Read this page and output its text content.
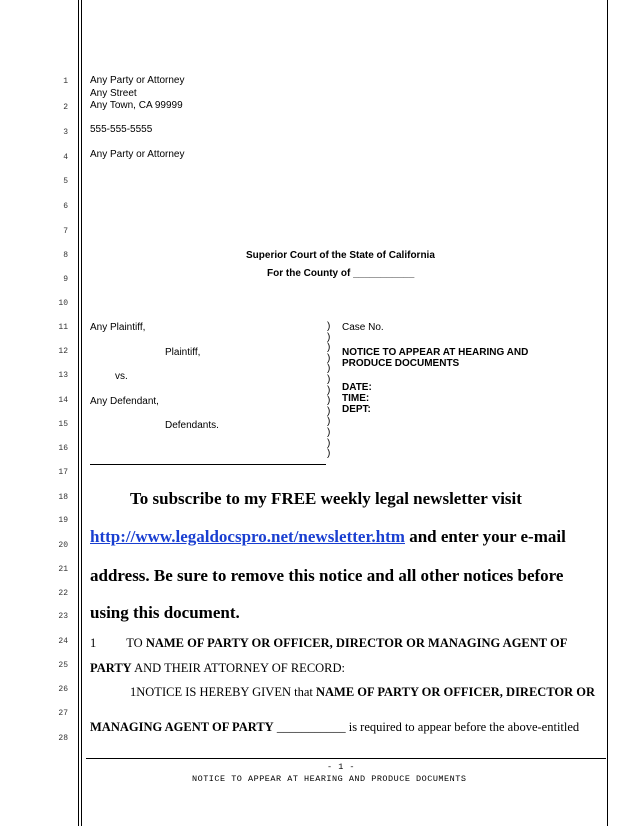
1
2
3
4
5
6
7
8
9
10
11
12
13
14
15
16
17
18
19
20
21
22
23
24
25
26
27
28
Any Party or Attorney
Any Street
Any Town, CA 99999
555-555-5555
Any Party or Attorney
Superior Court of the State of California
For the County of ___________
Any Plaintiff,
Plaintiff,
vs.
Any Defendant,
Defendants.
)
)
)
)
)
)
)
)
)
)
)
)
)
Case No.
NOTICE TO APPEAR AT HEARING AND
PRODUCE DOCUMENTS
DATE:
TIME:
DEPT:
To subscribe to my FREE weekly legal newsletter visit
http://www.legaldocspro.net/newsletter.htm and enter your e-mail
address. Be sure to remove this notice and all other notices before
using this document.
1 TO NAME OF PARTY OR OFFICER, DIRECTOR OR MANAGING AGENT OF
PARTY AND THEIR ATTORNEY OF RECORD:
1NOTICE IS HEREBY GIVEN that NAME OF PARTY OR OFFICER, DIRECTOR OR
MANAGING AGENT OF PARTY ___________ is required to appear before the above-entitled
- 1 -
NOTICE TO APPEAR AT HEARING AND PRODUCE DOCUMENTS
